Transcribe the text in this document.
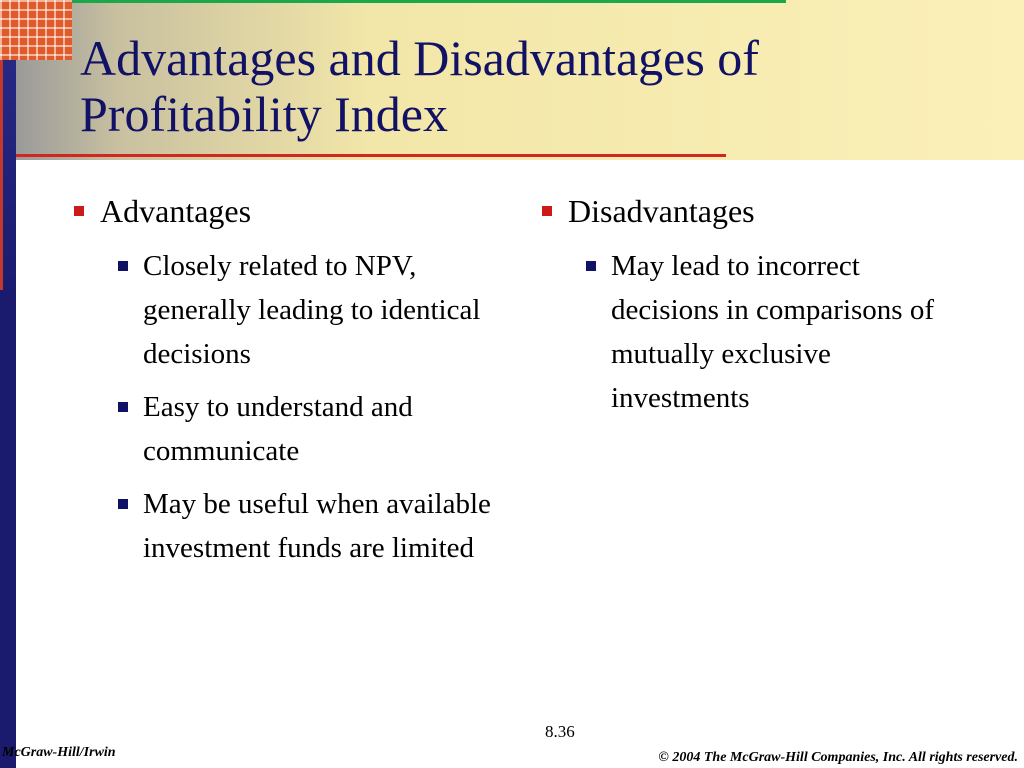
Advantages and Disadvantages of Profitability Index
Advantages
Closely related to NPV, generally leading to identical decisions
Easy to understand and communicate
May be useful when available investment funds are limited
Disadvantages
May lead to incorrect decisions in comparisons of mutually exclusive investments
8.36
McGraw-Hill/Irwin	© 2004 The McGraw-Hill Companies, Inc. All rights reserved.
